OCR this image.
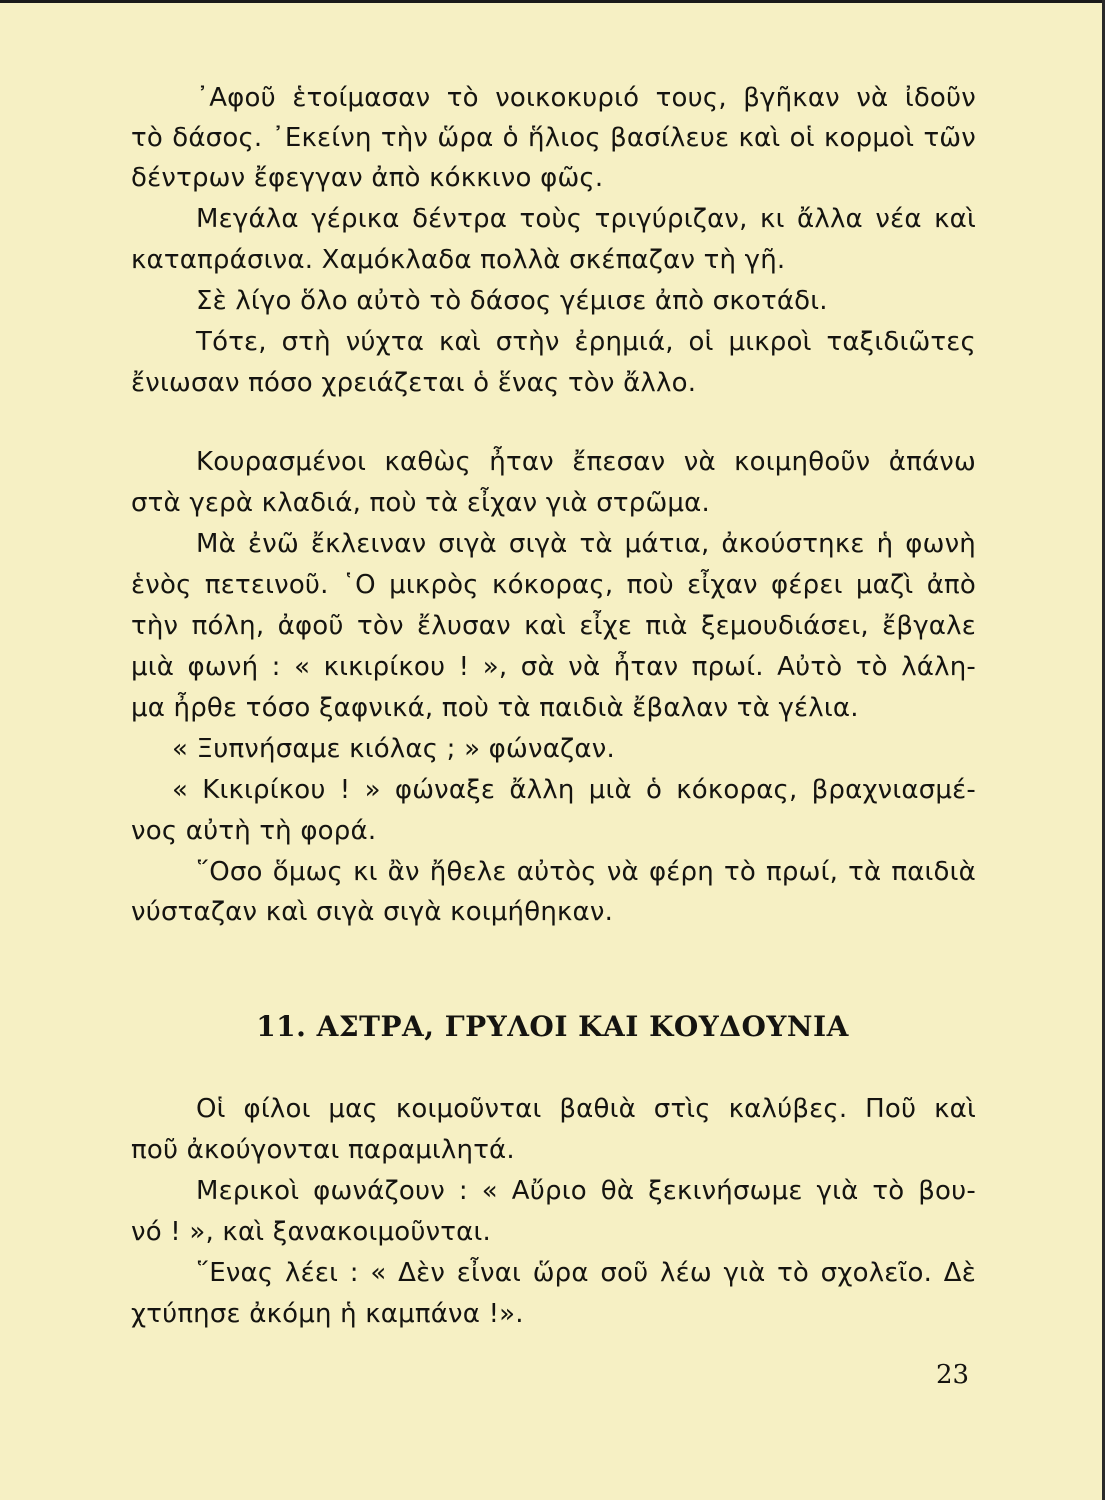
᾿Αφοῦ ἑτοίμασαν τὸ νοικοκυριό τους, βγῆκαν νὰ ἰδοῦν
τὸ δάσος. ᾿Εκείνη τὴν ὥρα ὁ ἥλιος βασίλευε καὶ οἱ κορμοὶ τῶν
δέντρων ἔφεγγαν ἀπὸ κόκκινο φῶς.
Μεγάλα γέρικα δέντρα τοὺς τριγύριζαν, κι ἄλλα νέα καὶ
καταπράσινα. Χαμόκλαδα πολλὰ σκέπαζαν τὴ γῆ.
Σὲ λίγο ὅλο αὐτὸ τὸ δάσος γέμισε ἀπὸ σκοτάδι.
Τότε, στὴ νύχτα καὶ στὴν ἐρημιά, οἱ μικροὶ ταξιδιῶτες
ἔνιωσαν πόσο χρειάζεται ὁ ἕνας τὸν ἄλλο.
Κουρασμένοι καθὼς ἦταν ἔπεσαν νὰ κοιμηθοῦν ἀπάνω
στὰ γερὰ κλαδιά, ποὺ τὰ εἶχαν γιὰ στρῶμα.
Μὰ ἐνῶ ἔκλειναν σιγὰ σιγὰ τὰ μάτια, ἀκούστηκε ἡ φωνὴ
ἑνὸς πετεινοῦ. ῾Ο μικρὸς κόκορας, ποὺ εἶχαν φέρει μαζὶ ἀπὸ
τὴν πόλη, ἀφοῦ τὸν ἔλυσαν καὶ εἶχε πιὰ ξεμουδιάσει, ἔβγαλε
μιὰ φωνή : « κικιρίκου ! », σὰ νὰ ἦταν πρωί. Αὐτὸ τὸ λάλη-
μα ἦρθε τόσο ξαφνικά, ποὺ τὰ παιδιὰ ἔβαλαν τὰ γέλια.
« Ξυπνήσαμε κιόλας ; » φώναζαν.
« Κικιρίκου ! » φώναξε ἄλλη μιὰ ὁ κόκορας, βραχνιασμέ-
νος αὐτὴ τὴ φορά.
῞Οσο ὅμως κι ἂν ἤθελε αὐτὸς νὰ φέρη τὸ πρωί, τὰ παιδιὰ
νύσταζαν καὶ σιγὰ σιγὰ κοιμήθηκαν.
11. ΑΣΤΡΑ, ΓΡΥΛΟΙ ΚΑΙ ΚΟΥΔΟΥΝΙΑ
Οἱ φίλοι μας κοιμοῦνται βαθιὰ στὶς καλύβες. Ποῦ καὶ
ποῦ ἀκούγονται παραμιλητά.
Μερικοὶ φωνάζουν : « Αὔριο θὰ ξεκινήσωμε γιὰ τὸ βου-
νό ! », καὶ ξανακοιμοῦνται.
῞Ενας λέει : « Δὲν εἶναι ὥρα σοῦ λέω γιὰ τὸ σχολεῖο. Δὲ
χτύπησε ἀκόμη ἡ καμπάνα !».
23
